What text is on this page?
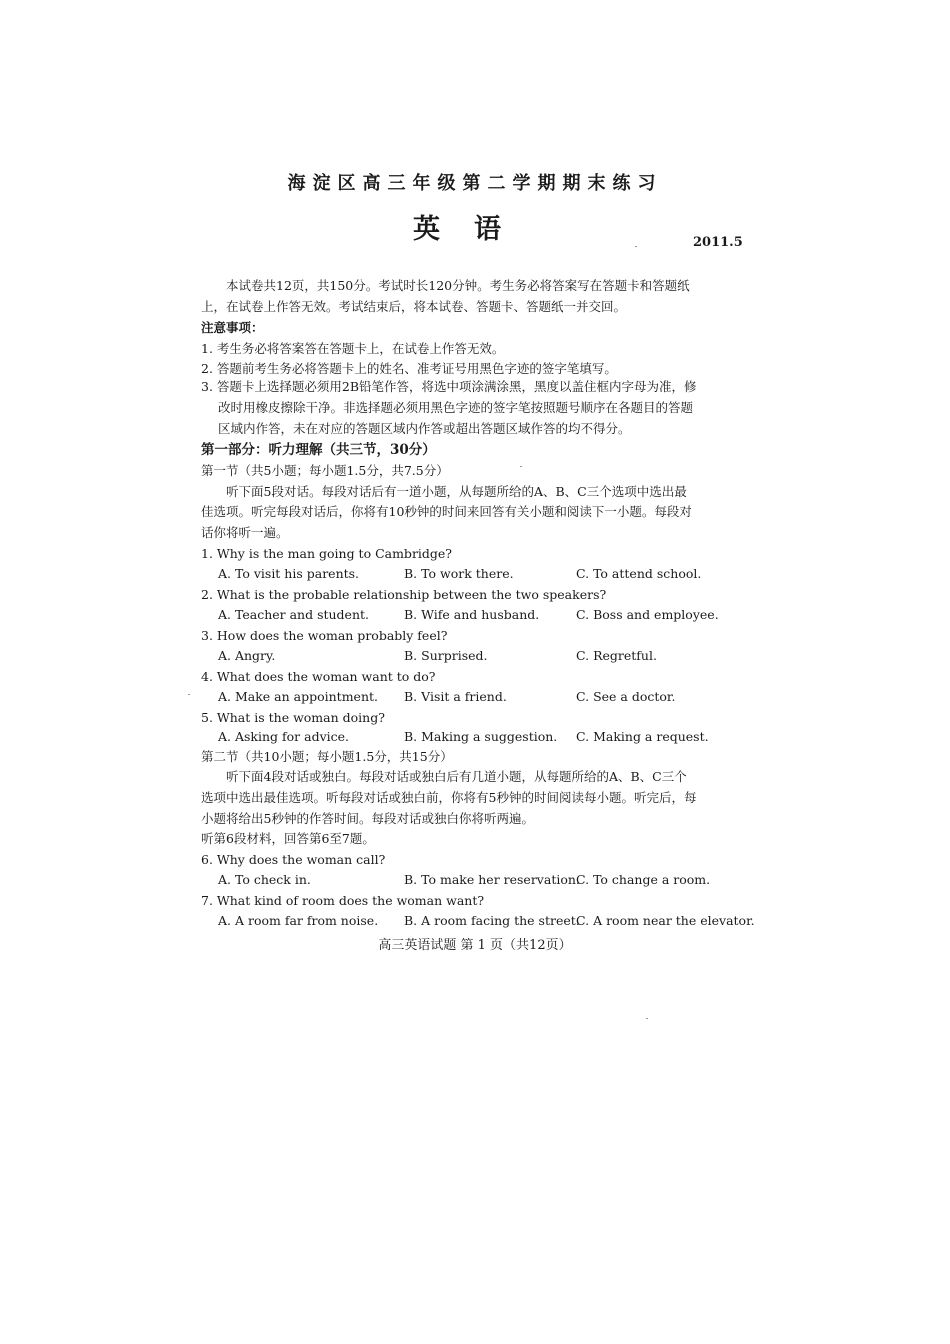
海淀区高三年级第二学期期末练习
英语	2011.5
本试卷共12页，共150分。考试时长120分钟。考生务必将答案写在答题卡和答题纸
上，在试卷上作答无效。考试结束后，将本试卷、答题卡、答题纸一并交回。
注意事项：
1. 考生务必将答案答在答题卡上，在试卷上作答无效。
2. 答题前考生务必将答题卡上的姓名、准考证号用黑色字迹的签字笔填写。
3. 答题卡上选择题必须用2B铅笔作答，将选中项涂满涂黑，黑度以盖住框内字母为准，修
改时用橡皮擦除干净。非选择题必须用黑色字迹的签字笔按照题号顺序在各题目的答题
区域内作答，未在对应的答题区域内作答或超出答题区域作答的均不得分。
第一部分：听力理解（共三节，30分）
第一节（共5小题；每小题1.5分，共7.5分）
听下面5段对话。每段对话后有一道小题，从每题所给的A、B、C三个选项中选出最
佳选项。听完每段对话后，你将有10秒钟的时间来回答有关小题和阅读下一小题。每段对
话你将听一遍。
1. Why is the man going to Cambridge?
A. To visit his parents.	B. To work there.	C. To attend school.
2. What is the probable relationship between the two speakers?
A. Teacher and student.	B. Wife and husband.	C. Boss and employee.
3. How does the woman probably feel?
A. Angry.	B. Surprised.	C. Regretful.
4. What does the woman want to do?
A. Make an appointment. B. Visit a friend.	C. See a doctor.
5. What is the woman doing?
A. Asking for advice.	B. Making a suggestion. C. Making a request.
第二节（共10小题；每小题1.5分，共15分）
听下面4段对话或独白。每段对话或独白后有几道小题，从每题所给的A、B、C三个
选项中选出最佳选项。听每段对话或独白前，你将有5秒钟的时间阅读每小题。听完后，每
小题将给出5秒钟的作答时间。每段对话或独白你将听两遍。
听第6段材料，回答第6至7题。
6. Why does the woman call?
A. To check in.	B. To make her reservation.
C. To change a room.
7. What kind of room does the woman want?
A. A room far from noise. B. A room facing the street.
C. A room near the elevator.
高三英语试题 第 1 页（共12页）
